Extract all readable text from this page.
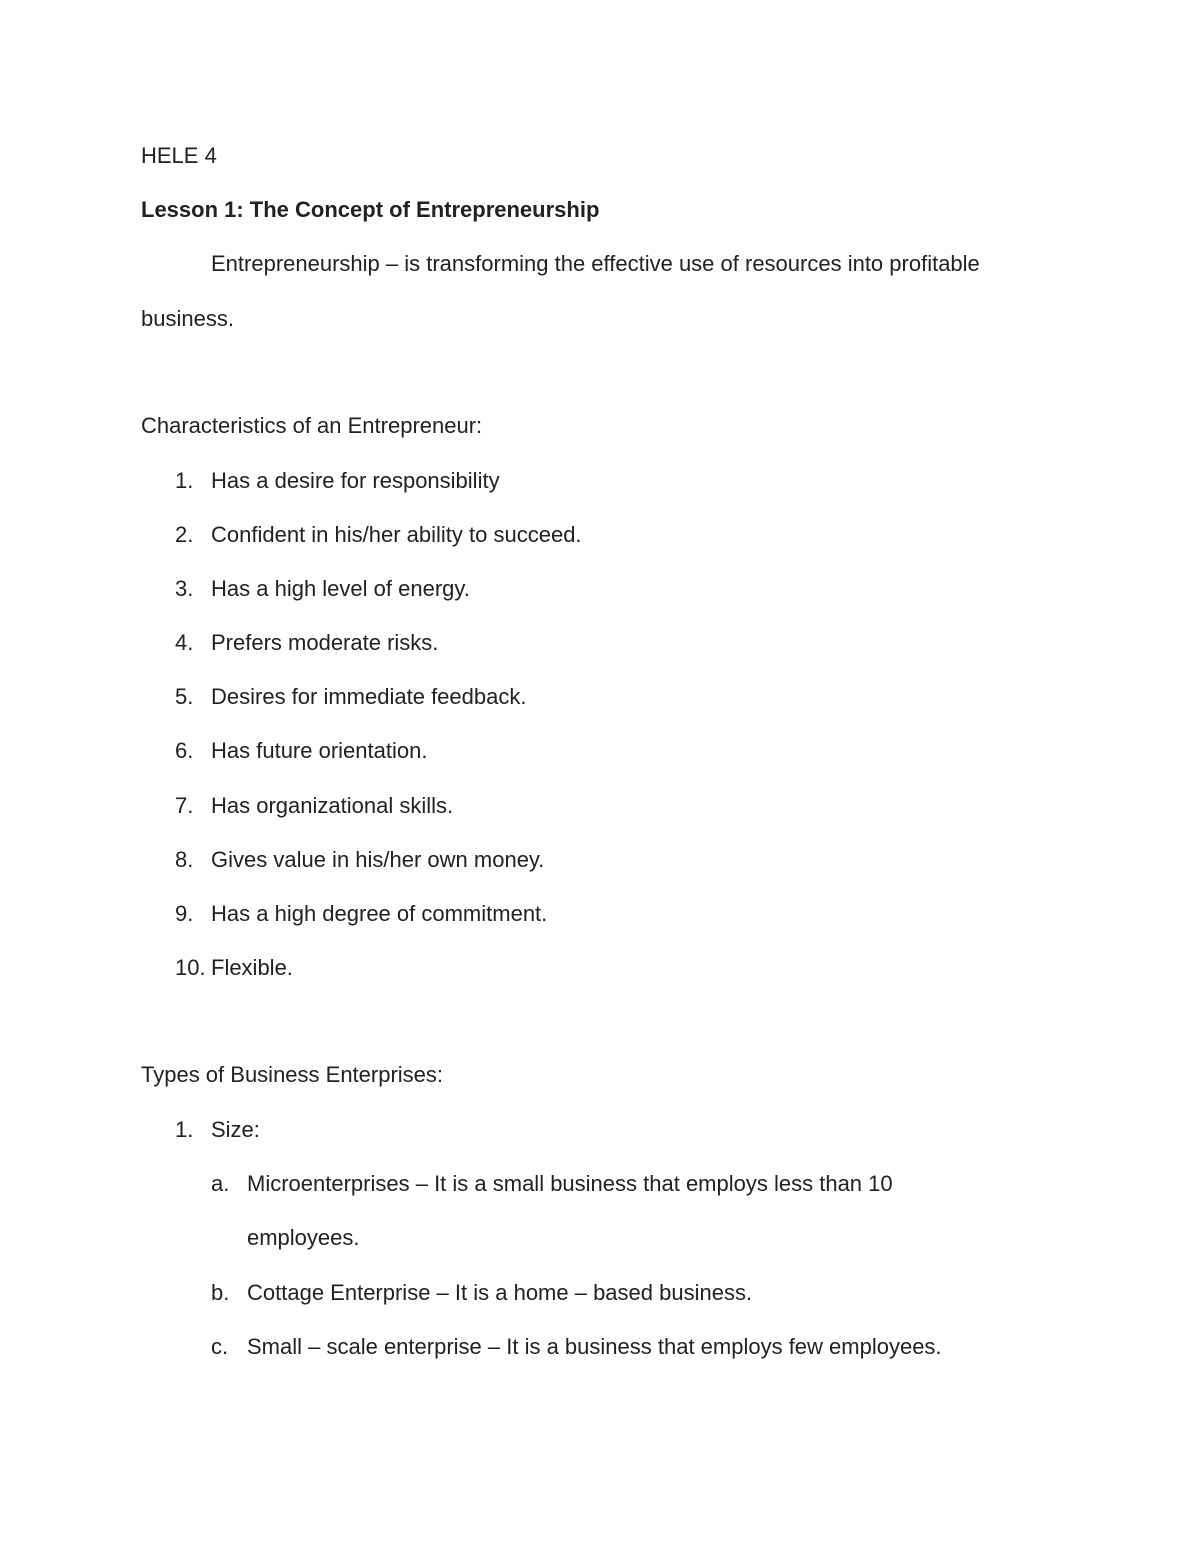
HELE 4
Lesson 1: The Concept of Entrepreneurship
Entrepreneurship – is transforming the effective use of resources into profitable
business.
Characteristics of an Entrepreneur:
1. Has a desire for responsibility
2. Confident in his/her ability to succeed.
3. Has a high level of energy.
4. Prefers moderate risks.
5. Desires for immediate feedback.
6. Has future orientation.
7. Has organizational skills.
8. Gives value in his/her own money.
9. Has a high degree of commitment.
10. Flexible.
Types of Business Enterprises:
1. Size:
a. Microenterprises – It is a small business that employs less than 10
employees.
b. Cottage Enterprise – It is a home – based business.
c. Small – scale enterprise – It is a business that employs few employees.
